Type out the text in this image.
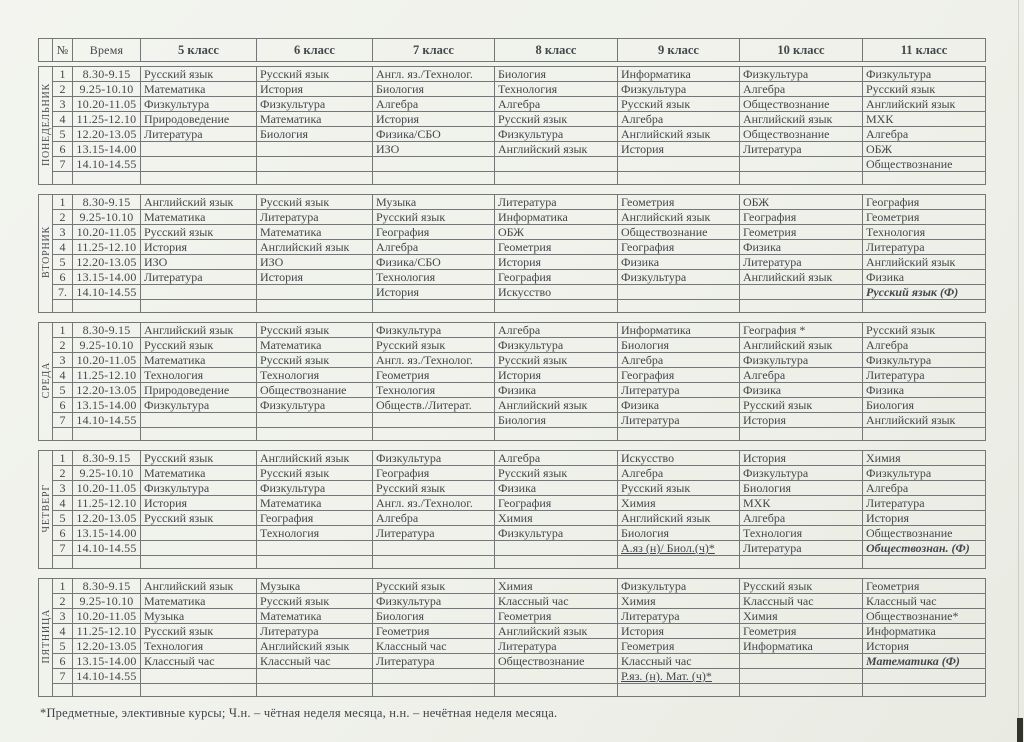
	№	Время	5 класс	6 класс	7 класс	8 класс	9 класс	10 класс	11 класс
ПОНЕДЕЛЬНИК	1	8.30-9.15	Русский язык	Русский язык	Англ. яз./Технолог.	Биология	Информатика	Физкультура	Физкультура
	2	9.25-10.10	Математика	История	Биология	Технология	Физкультура	Алгебра	Русский язык
	3	10.20-11.05	Физкультура	Физкультура	Алгебра	Алгебра	Русский язык	Обществознание	Английский язык
	4	11.25-12.10	Природоведение	Математика	История	Русский язык	Алгебра	Английский язык	МХК
	5	12.20-13.05	Литература	Биология	Физика/СБО	Физкультура	Английский язык	Обществознание	Алгебра
	6	13.15-14.00			ИЗО	Английский язык	История	Литература	ОБЖ
	7	14.10-14.55							Обществознание

ВТОРНИК	1	8.30-9.15	Английский язык	Русский язык	Музыка	Литература	Геометрия	ОБЖ	География
	2	9.25-10.10	Математика	Литература	Русский язык	Информатика	Английский язык	География	Геометрия
	3	10.20-11.05	Русский язык	Математика	География	ОБЖ	Обществознание	Геометрия	Технология
	4	11.25-12.10	История	Английский язык	Алгебра	Геометрия	География	Физика	Литература
	5	12.20-13.05	ИЗО	ИЗО	Физика/СБО	История	Физика	Литература	Английский язык
	6	13.15-14.00	Литература	История	Технология	География	Физкультура	Английский язык	Физика
	7.	14.10-14.55			История	Искусство			Русский язык (Ф)

СРЕДА	1	8.30-9.15	Английский язык	Русский язык	Физкультура	Алгебра	Информатика	География *	Русский язык
	2	9.25-10.10	Русский язык	Математика	Русский язык	Физкультура	Биология	Английский язык	Алгебра
	3	10.20-11.05	Математика	Русский язык	Англ. яз./Технолог.	Русский язык	Алгебра	Физкультура	Физкультура
	4	11.25-12.10	Технология	Технология	Геометрия	История	География	Алгебра	Литература
	5	12.20-13.05	Природоведение	Обществознание	Технология	Физика	Литература	Физика	Физика
	6	13.15-14.00	Физкультура	Физкультура	Обществ./Литерат.	Английский язык	Физика	Русский язык	Биология
	7	14.10-14.55				Биология	Литература	История	Английский язык

ЧЕТВЕРГ	1	8.30-9.15	Русский язык	Английский язык	Физкультура	Алгебра	Искусство	История	Химия
	2	9.25-10.10	Математика	Русский язык	География	Русский язык	Алгебра	Физкультура	Физкультура
	3	10.20-11.05	Физкультура	Физкультура	Русский язык	Физика	Русский язык	Биология	Алгебра
	4	11.25-12.10	История	Математика	Англ. яз./Технолог.	География	Химия	МХК	Литература
	5	12.20-13.05	Русский язык	География	Алгебра	Химия	Английский язык	Алгебра	История
	6	13.15-14.00		Технология	Литература	Физкультура	Биология	Технология	Обществознание
	7	14.10-14.55					А.яз (н)/ Биол.(ч)*	Литература	Обществознан. (Ф)

ПЯТНИЦА	1	8.30-9.15	Английский язык	Музыка	Русский язык	Химия	Физкультура	Русский язык	Геометрия
	2	9.25-10.10	Математика	Русский язык	Физкультура	Классный час	Химия	Классный час	Классный час
	3	10.20-11.05	Музыка	Математика	Биология	Геометрия	Литература	Химия	Обществознание*
	4	11.25-12.10	Русский язык	Литература	Геометрия	Английский язык	История	Геометрия	Информатика
	5	12.20-13.05	Технология	Английский язык	Классный час	Литература	Геометрия	Информатика	История
	6	13.15-14.00	Классный час	Классный час	Литература	Обществознание	Классный час		Математика (Ф)
	7	14.10-14.55					Р.яз. (н). Мат. (ч)*		

*Предметные, элективные курсы; Ч.н. – чётная неделя месяца, н.н. – нечётная неделя месяца.
